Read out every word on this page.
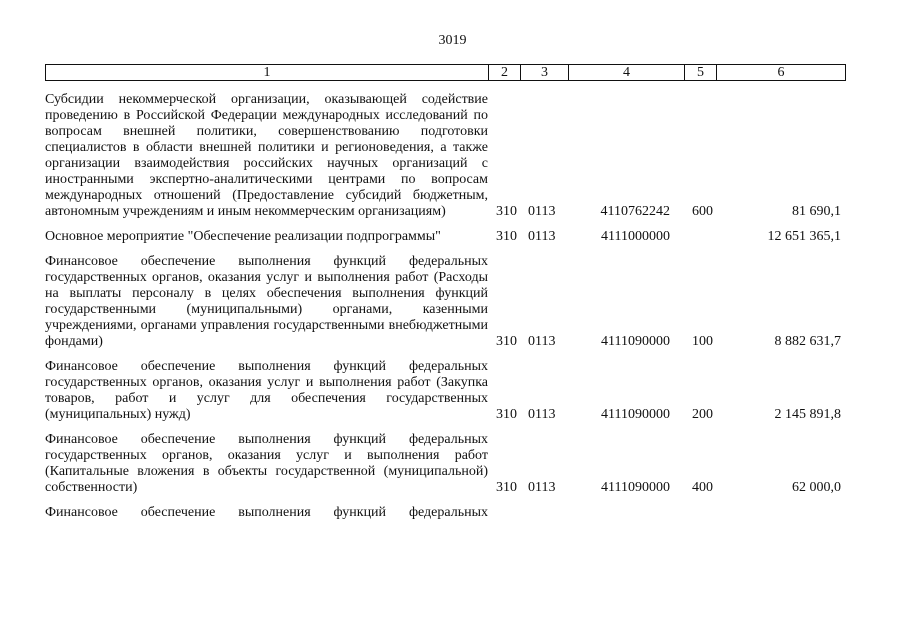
3019
1	2	3	4	5	6
Субсидии некоммерческой организации, оказывающей содействие проведению в Российской Федерации международных исследований по вопросам внешней политики, совершенствованию подготовки специалистов в области внешней политики и регионоведения, а также организации взаимодействия российских научных организаций с иностранными экспертно-аналитическими центрами по вопросам международных отношений (Предоставление субсидий бюджетным, автономным учреждениям и иным некоммерческим организациям)	310	0113	4110762242	600	81 690,1
Основное мероприятие "Обеспечение реализации подпрограммы"	310	0113	4111000000		12 651 365,1
Финансовое обеспечение выполнения функций федеральных государственных органов, оказания услуг и выполнения работ (Расходы на выплаты персоналу в целях обеспечения выполнения функций государственными (муниципальными) органами, казенными учреждениями, органами управления государственными внебюджетными фондами)	310	0113	4111090000	100	8 882 631,7
Финансовое обеспечение выполнения функций федеральных государственных органов, оказания услуг и выполнения работ (Закупка товаров, работ и услуг для обеспечения государственных (муниципальных) нужд)	310	0113	4111090000	200	2 145 891,8
Финансовое обеспечение выполнения функций федеральных государственных органов, оказания услуг и выполнения работ (Капитальные вложения в объекты государственной (муниципальной) собственности)	310	0113	4111090000	400	62 000,0
Финансовое обеспечение выполнения функций федеральных					
